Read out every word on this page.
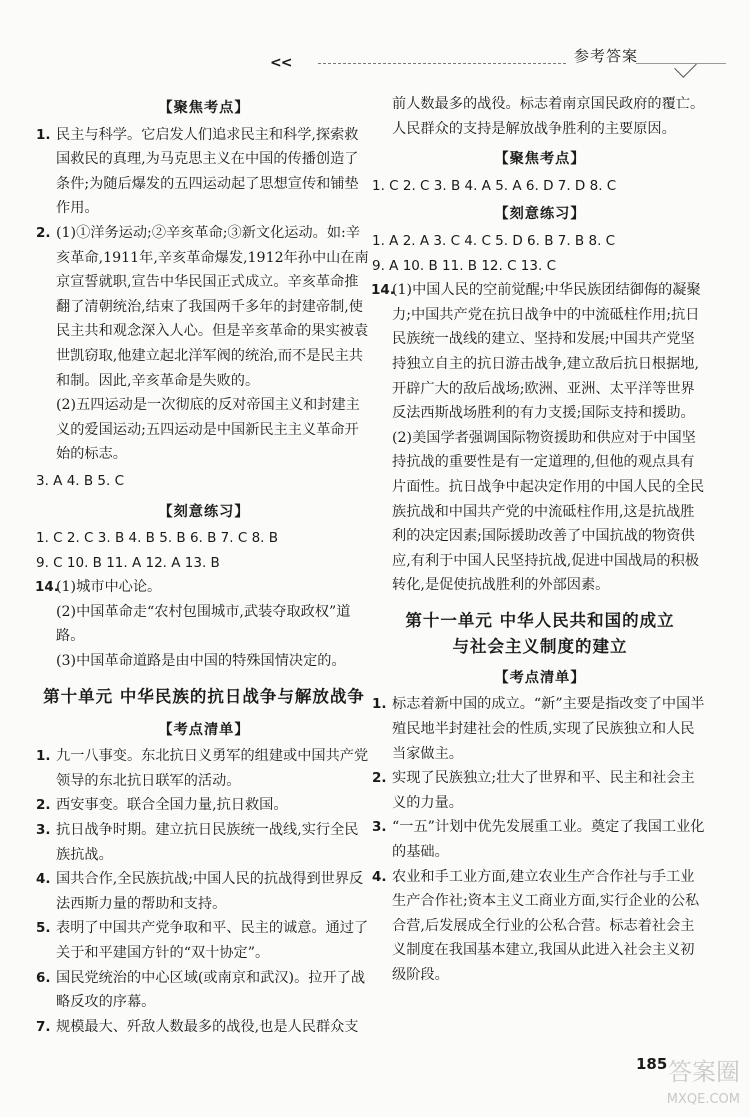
<<	参考答案
【聚焦考点】
1. 民主与科学。它启发人们追求民主和科学,探索救国救民的真理,为马克思主义在中国的传播创造了条件;为随后爆发的五四运动起了思想宣传和铺垫作用。
2. (1)①洋务运动;②辛亥革命;③新文化运动。如:辛亥革命,1911年,辛亥革命爆发,1912年孙中山在南京宣誓就职,宣告中华民国正式成立。辛亥革命推翻了清朝统治,结束了我国两千多年的封建帝制,使民主共和观念深入人心。但是辛亥革命的果实被袁世凯窃取,他建立起北洋军阀的统治,而不是民主共和制。因此,辛亥革命是失败的。
(2)五四运动是一次彻底的反对帝国主义和封建主义的爱国运动;五四运动是中国新民主主义革命开始的标志。
3. A 4. B 5. C
【刻意练习】
1. C 2. C 3. B 4. B 5. B 6. B 7. C 8. B
9. C 10. B 11. A 12. A 13. B
14.
(1)城市中心论。
(2)中国革命走“农村包围城市,武装夺取政权”道路。
(3)中国革命道路是由中国的特殊国情决定的。
第十单元 中华民族的抗日战争与解放战争
【考点清单】
1. 九一八事变。东北抗日义勇军的组建或中国共产党领导的东北抗日联军的活动。
2. 西安事变。联合全国力量,抗日救国。
3. 抗日战争时期。建立抗日民族统一战线,实行全民族抗战。
4. 国共合作,全民族抗战;中国人民的抗战得到世界反法西斯力量的帮助和支持。
5. 表明了中国共产党争取和平、民主的诚意。通过了关于和平建国方针的“双十协定”。
6. 国民党统治的中心区域(或南京和武汉)。拉开了战略反攻的序幕。
7. 规模最大、歼敌人数最多的战役,也是人民群众支
前人数最多的战役。标志着南京国民政府的覆亡。人民群众的支持是解放战争胜利的主要原因。
【聚焦考点】
1. C 2. C 3. B 4. A 5. A 6. D 7. D 8. C
【刻意练习】
1. A 2. A 3. C 4. C 5. D 6. B 7. B 8. C
9. A 10. B 11. B 12. C 13. C
14.
(1)中国人民的空前觉醒;中华民族团结御侮的凝聚力;中国共产党在抗日战争中的中流砥柱作用;抗日民族统一战线的建立、坚持和发展;中国共产党坚持独立自主的抗日游击战争,建立敌后抗日根据地,开辟广大的敌后战场;欧洲、亚洲、太平洋等世界反法西斯战场胜利的有力支援;国际支持和援助。
(2)美国学者强调国际物资援助和供应对于中国坚持抗战的重要性是有一定道理的,但他的观点具有片面性。抗日战争中起决定作用的中国人民的全民族抗战和中国共产党的中流砥柱作用,这是抗战胜利的决定因素;国际援助改善了中国抗战的物资供应,有利于中国人民坚持抗战,促进中国战局的积极转化,是促使抗战胜利的外部因素。
第十一单元 中华人民共和国的成立
与社会主义制度的建立
【考点清单】
1. 标志着新中国的成立。“新”主要是指改变了中国半殖民地半封建社会的性质,实现了民族独立和人民当家做主。
2. 实现了民族独立;壮大了世界和平、民主和社会主义的力量。
3. “一五”计划中优先发展重工业。奠定了我国工业化的基础。
4. 农业和手工业方面,建立农业生产合作社与手工业生产合作社;资本主义工商业方面,实行企业的公私合营,后发展成全行业的公私合营。标志着社会主义制度在我国基本建立,我国从此进入社会主义初级阶段。
答案圈
MXQE.COM
185
